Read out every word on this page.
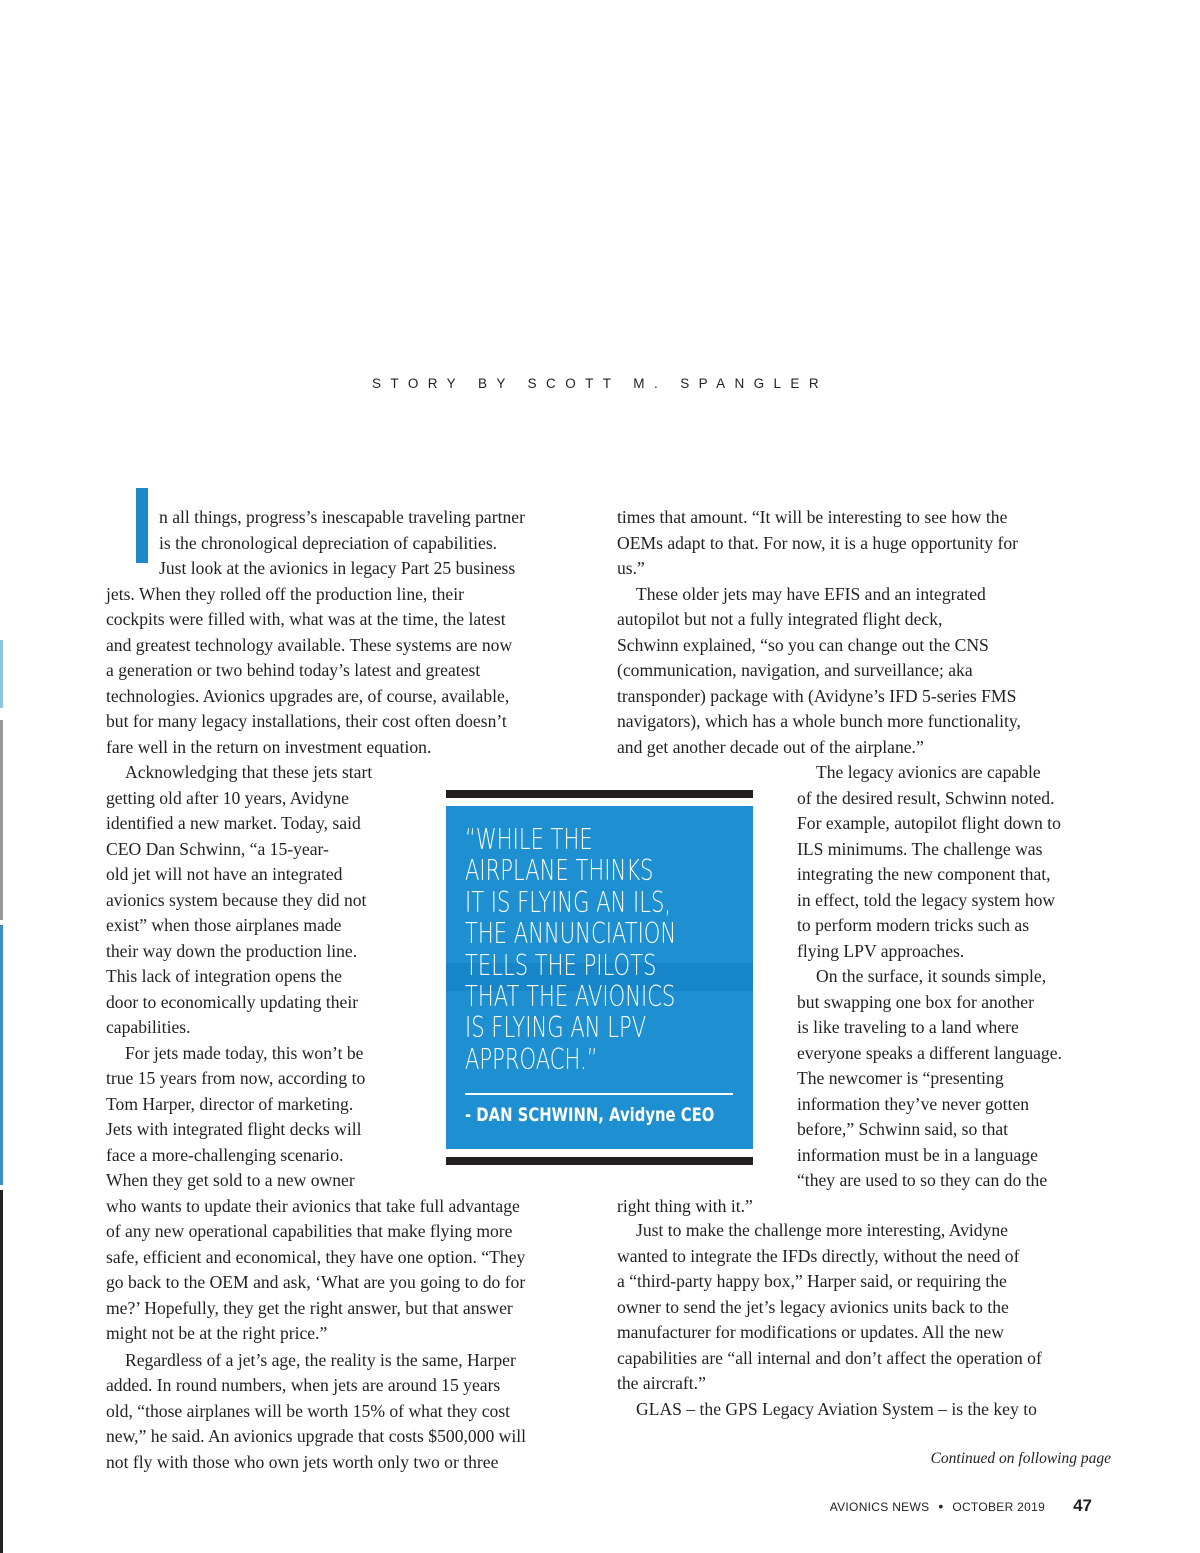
STORY BY SCOTT M. SPANGLER

n all things, progress’s inescapable traveling partner
is the chronological depreciation of capabilities.
Just look at the avionics in legacy Part 25 business
jets. When they rolled off the production line, their
cockpits were filled with, what was at the time, the latest
and greatest technology available. These systems are now
a generation or two behind today’s latest and greatest
technologies. Avionics upgrades are, of course, available,
but for many legacy installations, their cost often doesn’t
fare well in the return on investment equation.

Acknowledging that these jets start
getting old after 10 years, Avidyne
identified a new market. Today, said
CEO Dan Schwinn, “a 15-year-
old jet will not have an integrated
avionics system because they did not
exist” when those airplanes made
their way down the production line.
This lack of integration opens the
door to economically updating their
capabilities.

For jets made today, this won’t be
true 15 years from now, according to
Tom Harper, director of marketing.
Jets with integrated flight decks will
face a more-challenging scenario.
When they get sold to a new owner
who wants to update their avionics that take full advantage
of any new operational capabilities that make flying more
safe, efficient and economical, they have one option. “They
go back to the OEM and ask, ‘What are you going to do for
me?’ Hopefully, they get the right answer, but that answer
might not be at the right price.”

Regardless of a jet’s age, the reality is the same, Harper
added. In round numbers, when jets are around 15 years
old, “those airplanes will be worth 15% of what they cost
new,” he said. An avionics upgrade that costs $500,000 will
not fly with those who own jets worth only two or three

times that amount. “It will be interesting to see how the
OEMs adapt to that. For now, it is a huge opportunity for
us.”

These older jets may have EFIS and an integrated
autopilot but not a fully integrated flight deck,
Schwinn explained, “so you can change out the CNS
(communication, navigation, and surveillance; aka
transponder) package with (Avidyne’s IFD 5-series FMS
navigators), which has a whole bunch more functionality,
and get another decade out of the airplane.”

The legacy avionics are capable
of the desired result, Schwinn noted.
For example, autopilot flight down to
ILS minimums. The challenge was
integrating the new component that,
in effect, told the legacy system how
to perform modern tricks such as
flying LPV approaches.

On the surface, it sounds simple,
but swapping one box for another
is like traveling to a land where
everyone speaks a different language.
The newcomer is “presenting
information they’ve never gotten
before,” Schwinn said, so that
information must be in a language
“they are used to so they can do the
right thing with it.”

Just to make the challenge more interesting, Avidyne
wanted to integrate the IFDs directly, without the need of
a “third-party happy box,” Harper said, or requiring the
owner to send the jet’s legacy avionics units back to the
manufacturer for modifications or updates. All the new
capabilities are “all internal and don’t affect the operation of
the aircraft.”

GLAS – the GPS Legacy Aviation System – is the key to

“WHILE THE
AIRPLANE THINKS
IT IS FLYING AN ILS,
THE ANNUNCIATION
TELLS THE PILOTS
THAT THE AVIONICS
IS FLYING AN LPV
APPROACH.”

- DAN SCHWINN, Avidyne CEO
Continued on following page
AVIONICS NEWS • OCTOBER 2019 47
